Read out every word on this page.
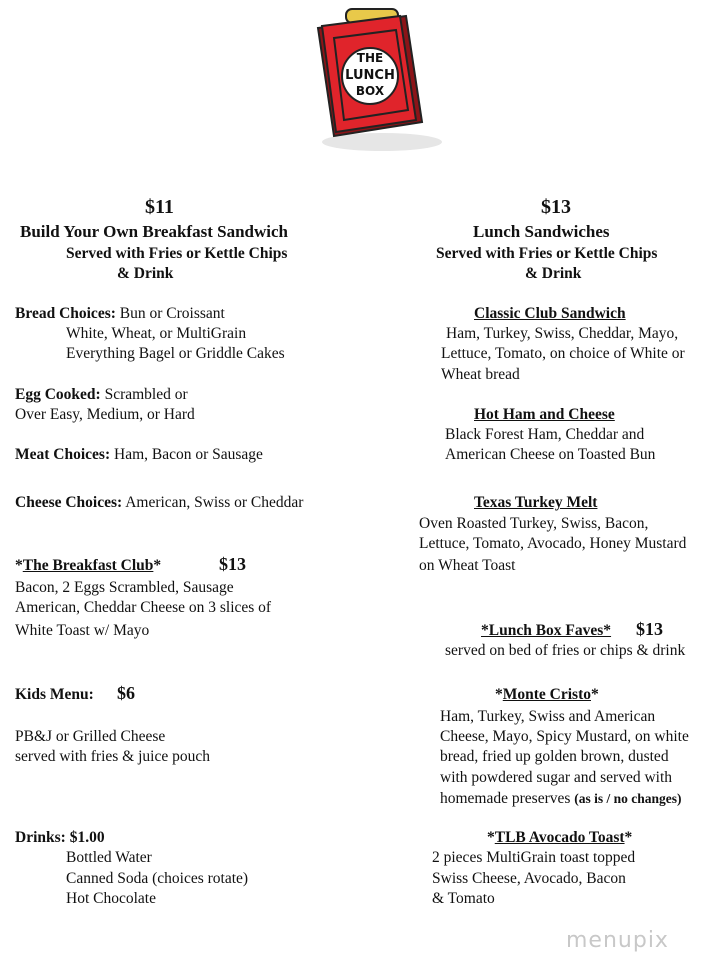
THE
LUNCH
BOX
$11
Build Your Own Breakfast Sandwich
Served with Fries or Kettle Chips
& Drink
Bread Choices: Bun or Croissant
White, Wheat, or MultiGrain
Everything Bagel or Griddle Cakes
Egg Cooked: Scrambled or
Over Easy, Medium, or Hard
Meat Choices: Ham, Bacon or Sausage
Cheese Choices: American, Swiss or Cheddar
*The Breakfast Club*	$13
Bacon, 2 Eggs Scrambled, Sausage
American, Cheddar Cheese on 3 slices of
White Toast w/ Mayo
Kids Menu: $6
PB&J or Grilled Cheese
served with fries & juice pouch
Drinks: $1.00
Bottled Water
Canned Soda (choices rotate)
Hot Chocolate
$13
Lunch Sandwiches
Served with Fries or Kettle Chips
& Drink
Classic Club Sandwich
Ham, Turkey, Swiss, Cheddar, Mayo,
Lettuce, Tomato, on choice of White or
Wheat bread
Hot Ham and Cheese
Black Forest Ham, Cheddar and
American Cheese on Toasted Bun
Texas Turkey Melt
Oven Roasted Turkey, Swiss, Bacon,
Lettuce, Tomato, Avocado, Honey Mustard
on Wheat Toast
*Lunch Box Faves* $13
served on bed of fries or chips & drink
*Monte Cristo*
Ham, Turkey, Swiss and American
Cheese, Mayo, Spicy Mustard, on white
bread, fried up golden brown, dusted
with powdered sugar and served with
homemade preserves (as is / no changes)
*TLB Avocado Toast*
2 pieces MultiGrain toast topped
Swiss Cheese, Avocado, Bacon
& Tomato
menupix
